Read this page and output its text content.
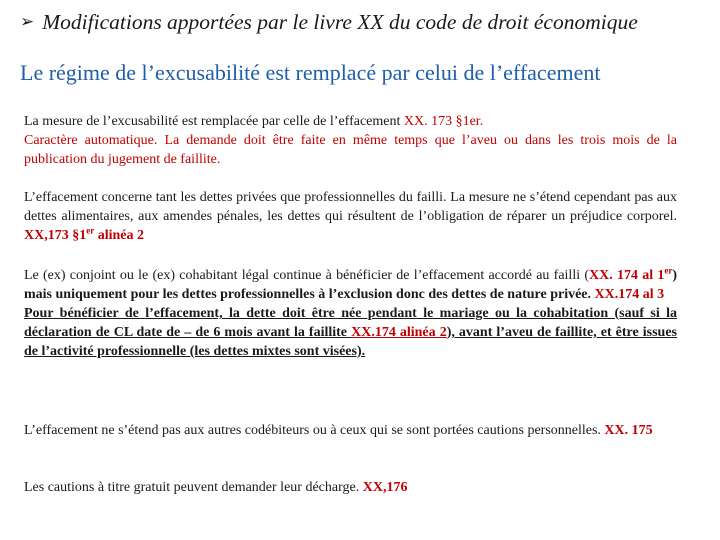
➢ Modifications apportées par le livre XX du code de droit économique
Le régime de l’excusabilité est remplacé par celui de l’effacement
La mesure de l’excusabilité est remplacée par celle de l’effacement XX. 173 §1er.
Caractère automatique. La demande doit être faite en même temps que l’aveu ou dans les trois mois de la publication du jugement de faillite.
L’effacement concerne tant les dettes privées que professionnelles du failli. La mesure ne s’étend cependant pas aux dettes alimentaires, aux amendes pénales, les dettes qui résultent de l’obligation de réparer un préjudice corporel. XX,173 §1er alinéa 2
Le (ex) conjoint ou le (ex) cohabitant légal continue à bénéficier de l’effacement accordé au failli (XX. 174 al 1er) mais uniquement pour les dettes professionnelles à l’exclusion donc des dettes de nature privée. XX.174 al 3
Pour bénéficier de l’effacement, la dette doit être née pendant le mariage ou la cohabitation (sauf si la déclaration de CL date de – de 6 mois avant la faillite XX.174 alinéa 2), avant l’aveu de faillite, et être issues de l’activité professionnelle (les dettes mixtes sont visées).
L’effacement ne s’étend pas aux autres codébiteurs ou à ceux qui se sont portées cautions personnelles. XX. 175
Les cautions à titre gratuit peuvent demander leur décharge. XX,176
